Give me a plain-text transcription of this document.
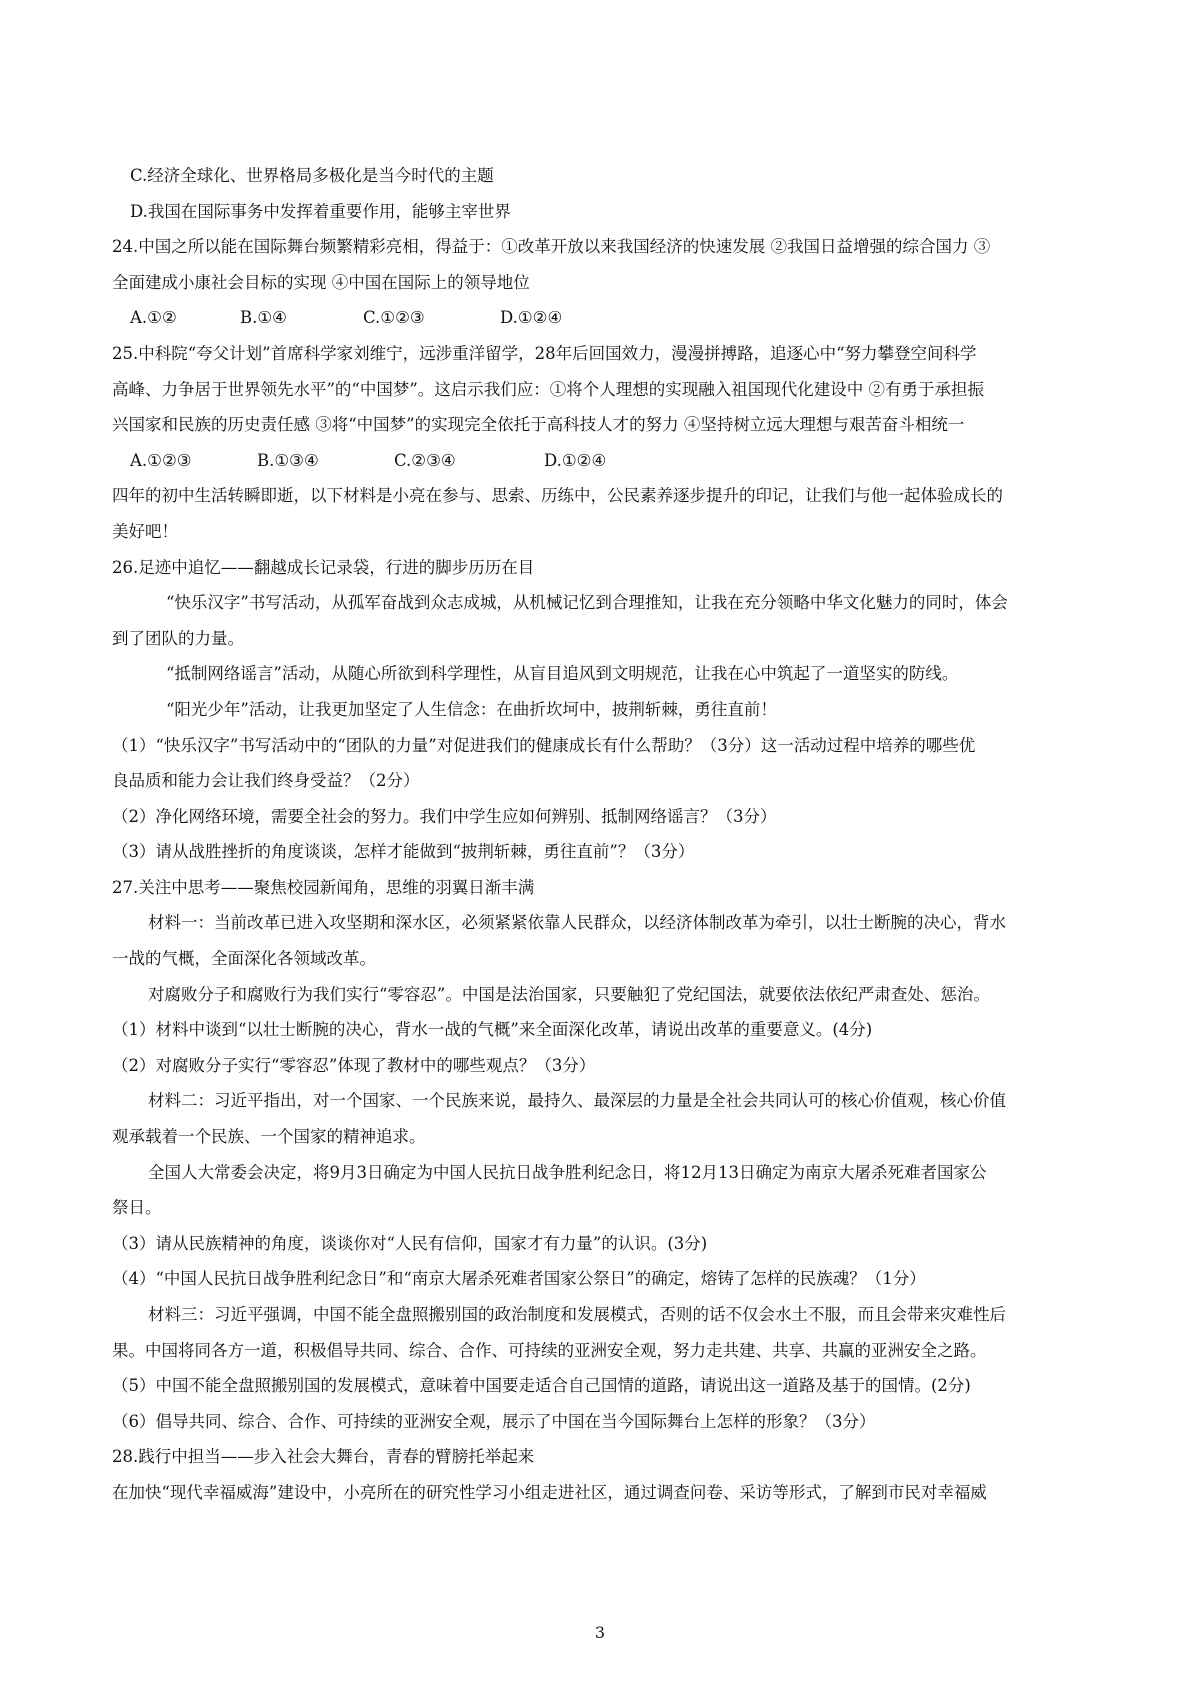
C.经济全球化、世界格局多极化是当今时代的主题
D.我国在国际事务中发挥着重要作用，能够主宰世界
24.中国之所以能在国际舞台频繁精彩亮相，得益于：①改革开放以来我国经济的快速发展 ②我国日益增强的综合国力 ③
全面建成小康社会目标的实现 ④中国在国际上的领导地位
A.①②	B.①④	C.①②③	D.①②④
25.中科院“夸父计划”首席科学家刘维宁，远涉重洋留学，28年后回国效力，漫漫拼搏路，追逐心中“努力攀登空间科学
高峰、力争居于世界领先水平”的“中国梦”。这启示我们应：①将个人理想的实现融入祖国现代化建设中 ②有勇于承担振
兴国家和民族的历史责任感 ③将“中国梦”的实现完全依托于高科技人才的努力 ④坚持树立远大理想与艰苦奋斗相统一
A.①②③	B.①③④	C.②③④	D.①②④
四年的初中生活转瞬即逝，以下材料是小亮在参与、思索、历练中，公民素养逐步提升的印记，让我们与他一起体验成长的
美好吧！
26.足迹中追忆——翻越成长记录袋，行进的脚步历历在目
“快乐汉字”书写活动，从孤军奋战到众志成城，从机械记忆到合理推知，让我在充分领略中华文化魅力的同时，体会
到了团队的力量。
“抵制网络谣言”活动，从随心所欲到科学理性，从盲目追风到文明规范，让我在心中筑起了一道坚实的防线。
“阳光少年”活动，让我更加坚定了人生信念：在曲折坎坷中，披荆斩棘，勇往直前！
（1）“快乐汉字”书写活动中的“团队的力量”对促进我们的健康成长有什么帮助？（3分）这一活动过程中培养的哪些优
良品质和能力会让我们终身受益？（2分）
（2）净化网络环境，需要全社会的努力。我们中学生应如何辨别、抵制网络谣言？（3分）
（3）请从战胜挫折的角度谈谈，怎样才能做到“披荆斩棘，勇往直前”？（3分）
27.关注中思考——聚焦校园新闻角，思维的羽翼日渐丰满
材料一：当前改革已进入攻坚期和深水区，必须紧紧依靠人民群众，以经济体制改革为牵引，以壮士断腕的决心，背水
一战的气概，全面深化各领域改革。
对腐败分子和腐败行为我们实行“零容忍”。中国是法治国家，只要触犯了党纪国法，就要依法依纪严肃查处、惩治。
（1）材料中谈到“以壮士断腕的决心，背水一战的气概”来全面深化改革，请说出改革的重要意义。(4分)
（2）对腐败分子实行“零容忍”体现了教材中的哪些观点？（3分）
材料二：习近平指出，对一个国家、一个民族来说，最持久、最深层的力量是全社会共同认可的核心价值观，核心价值
观承载着一个民族、一个国家的精神追求。
全国人大常委会决定，将9月3日确定为中国人民抗日战争胜利纪念日，将12月13日确定为南京大屠杀死难者国家公
祭日。
（3）请从民族精神的角度，谈谈你对“人民有信仰，国家才有力量”的认识。(3分)
（4）“中国人民抗日战争胜利纪念日”和“南京大屠杀死难者国家公祭日”的确定，熔铸了怎样的民族魂？（1分）
材料三：习近平强调，中国不能全盘照搬别国的政治制度和发展模式，否则的话不仅会水土不服，而且会带来灾难性后
果。中国将同各方一道，积极倡导共同、综合、合作、可持续的亚洲安全观，努力走共建、共享、共赢的亚洲安全之路。
（5）中国不能全盘照搬别国的发展模式，意味着中国要走适合自己国情的道路，请说出这一道路及基于的国情。(2分)
（6）倡导共同、综合、合作、可持续的亚洲安全观，展示了中国在当今国际舞台上怎样的形象？（3分）
28.践行中担当——步入社会大舞台，青春的臂膀托举起来
在加快“现代幸福威海”建设中，小亮所在的研究性学习小组走进社区，通过调查问卷、采访等形式，了解到市民对幸福威
3
